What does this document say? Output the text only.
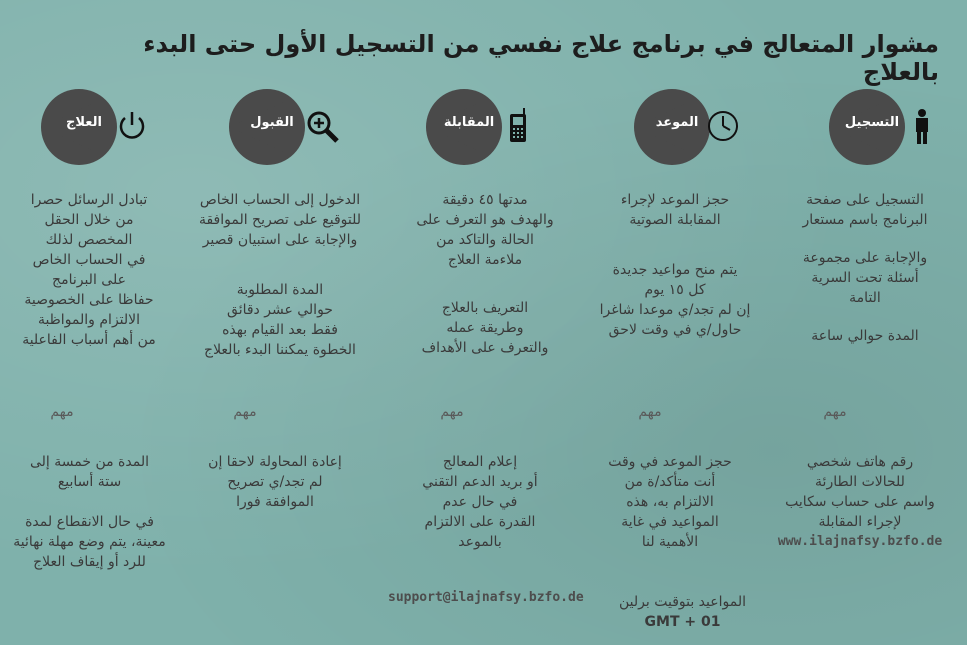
مشوار المتعالج في برنامج علاج نفسي من التسجيل الأول حتى البدء بالعلاج
التسجيل
الموعد
المقابلة
القبول
العلاج
التسجيل على صفحة
البرنامج باسم مستعار
والإجابة على مجموعة
أسئلة تحت السرية
التامة
المدة حوالي ساعة
مهم
رقم هاتف شخصي
للحالات الطارئة
واسم على حساب سكايب
لإجراء المقابلة
www.ilajnafsy.bzfo.de
حجز الموعد لإجراء
المقابلة الصوتية
يتم منح مواعيد جديدة
كل ١٥ يوم
إن لم تجد/ي موعدا شاغرا
حاول/ي في وقت لاحق
مهم
حجز الموعد في وقت
أنت متأكد/ة من
الالتزام به، هذه
المواعيد في غاية
الأهمية لنا
المواعيد بتوقيت برلين
GMT + 01
مدتها ٤٥ دقيقة
والهدف هو التعرف على
الحالة والتاكد من
ملاءمة العلاج
التعريف بالعلاج
وطريقة عمله
والتعرف على الأهداف
مهم
إعلام المعالج
أو بريد الدعم التقني
في حال عدم
القدرة على الالتزام
بالموعد
support@ilajnafsy.bzfo.de
الدخول إلى الحساب الخاص
للتوقيع على تصريح الموافقة
والإجابة على استبيان قصير
المدة المطلوبة
حوالي عشر دقائق
فقط بعد القيام بهذه
الخطوة يمكننا البدء بالعلاج
مهم
إعادة المحاولة لاحقا إن
لم تجد/ي تصريح
الموافقة فورا
تبادل الرسائل حصرا
من خلال الحقل
المخصص لذلك
في الحساب الخاص
على البرنامج
حفاظا على الخصوصية
الالتزام والمواظبة
من أهم أسباب الفاعلية
مهم
المدة من خمسة إلى
ستة أسابيع

في حال الانقطاع لمدة
معينة، يتم وضع مهلة نهائية
للرد أو إيقاف العلاج
